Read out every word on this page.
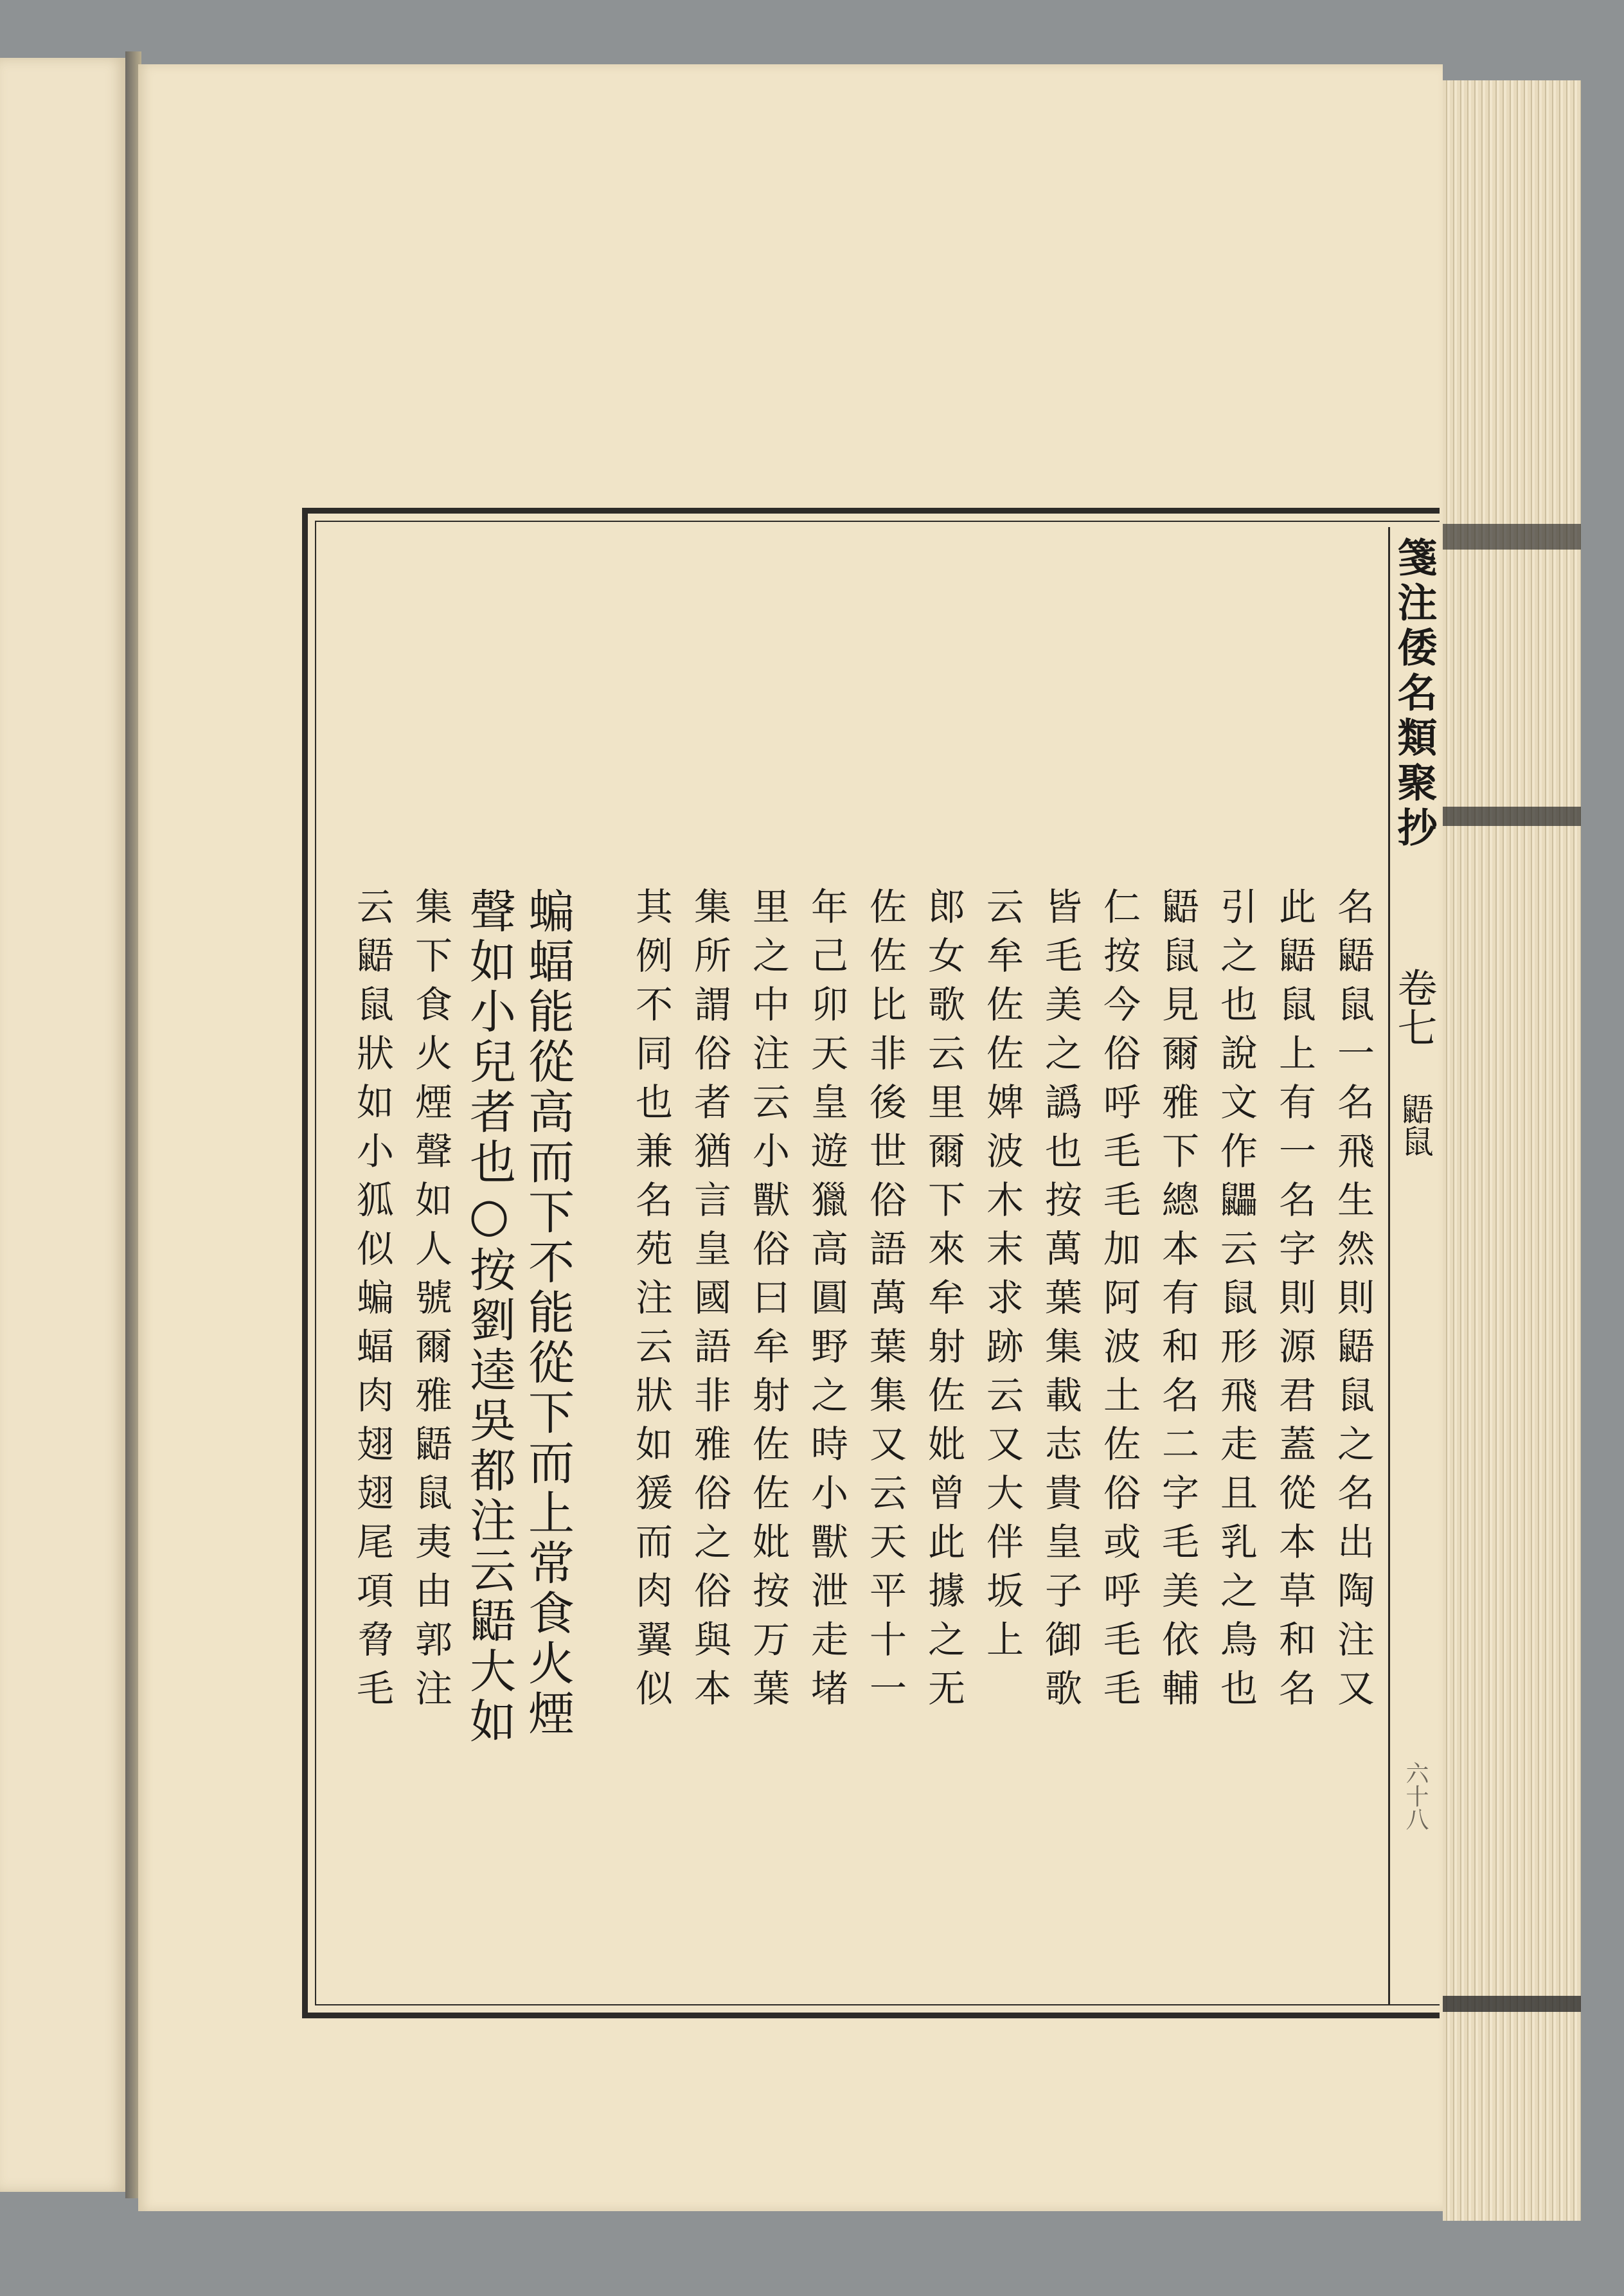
箋注倭名類聚抄
卷七
鼯鼠
六十八
名鼯鼠一名飛生然則鼯鼠之名出陶注又
此鼯鼠上有一名字則源君蓋從本草和名
引之也說文作鼺云鼠形飛走且乳之鳥也
鼯鼠見爾雅下總本有和名二字毛美依輔
仁按今俗呼毛毛加阿波土佐俗或呼毛毛
皆毛美之譌也按萬葉集載志貴皇子御歌
云牟佐佐婢波木末求跡云又大伴坂上
郎女歌云里爾下來牟射佐妣曾此據之无
佐佐比非後世俗語萬葉集又云天平十一
年己卯天皇遊獵高圓野之時小獸泄走堵
里之中注云小獸俗曰牟射佐佐妣按万葉
集所謂俗者猶言皇國語非雅俗之俗與本
其例不同也兼名苑注云狀如猨而肉翼似
蝙蝠能從高而下不能從下而上常食火煙
聲如小兒者也○按劉逵吳都注云鼯大如
集下食火煙聲如人號爾雅鼯鼠夷由郭注
云鼯鼠狀如小狐似蝙蝠肉翅翅尾項脅毛
